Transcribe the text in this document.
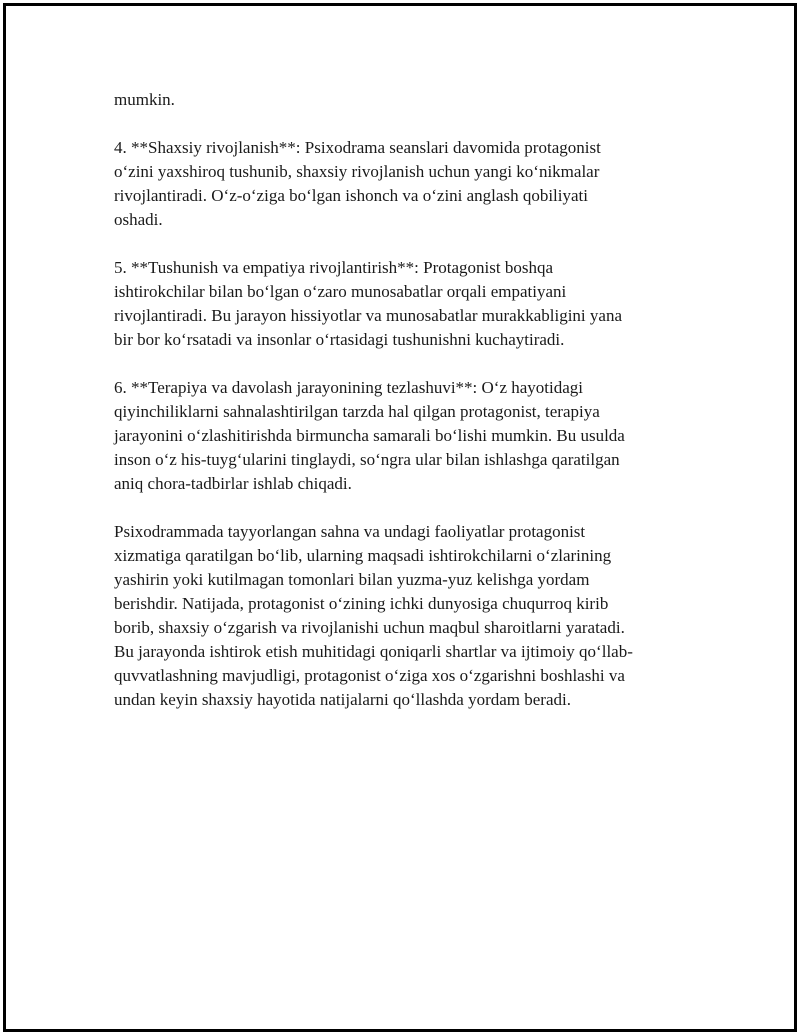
mumkin.

4. **Shaxsiy rivojlanish**: Psixodrama seanslari davomida protagonist
o‘zini yaxshiroq tushunib, shaxsiy rivojlanish uchun yangi ko‘nikmalar
rivojlantiradi. O‘z-o‘ziga bo‘lgan ishonch va o‘zini anglash qobiliyati
oshadi.

5. **Tushunish va empatiya rivojlantirish**: Protagonist boshqa
ishtirokchilar bilan bo‘lgan o‘zaro munosabatlar orqali empatiyani
rivojlantiradi. Bu jarayon hissiyotlar va munosabatlar murakkabligini yana
bir bor ko‘rsatadi va insonlar o‘rtasidagi tushunishni kuchaytiradi.

6. **Terapiya va davolash jarayonining tezlashuvi**: O‘z hayotidagi
qiyinchiliklarni sahnalashtirilgan tarzda hal qilgan protagonist, terapiya
jarayonini o‘zlashitirishda birmuncha samarali bo‘lishi mumkin. Bu usulda
inson o‘z his-tuyg‘ularini tinglaydi, so‘ngra ular bilan ishlashga qaratilgan
aniq chora-tadbirlar ishlab chiqadi.

Psixodrammada tayyorlangan sahna va undagi faoliyatlar protagonist
xizmatiga qaratilgan bo‘lib, ularning maqsadi ishtirokchilarni o‘zlarining
yashirin yoki kutilmagan tomonlari bilan yuzma-yuz kelishga yordam
berishdir. Natijada, protagonist o‘zining ichki dunyosiga chuqurroq kirib
borib, shaxsiy o‘zgarish va rivojlanishi uchun maqbul sharoitlarni yaratadi.
Bu jarayonda ishtirok etish muhitidagi qoniqarli shartlar va ijtimoiy qo‘llab-
quvvatlashning mavjudligi, protagonist o‘ziga xos o‘zgarishni boshlashi va
undan keyin shaxsiy hayotida natijalarni qo‘llashda yordam beradi.
